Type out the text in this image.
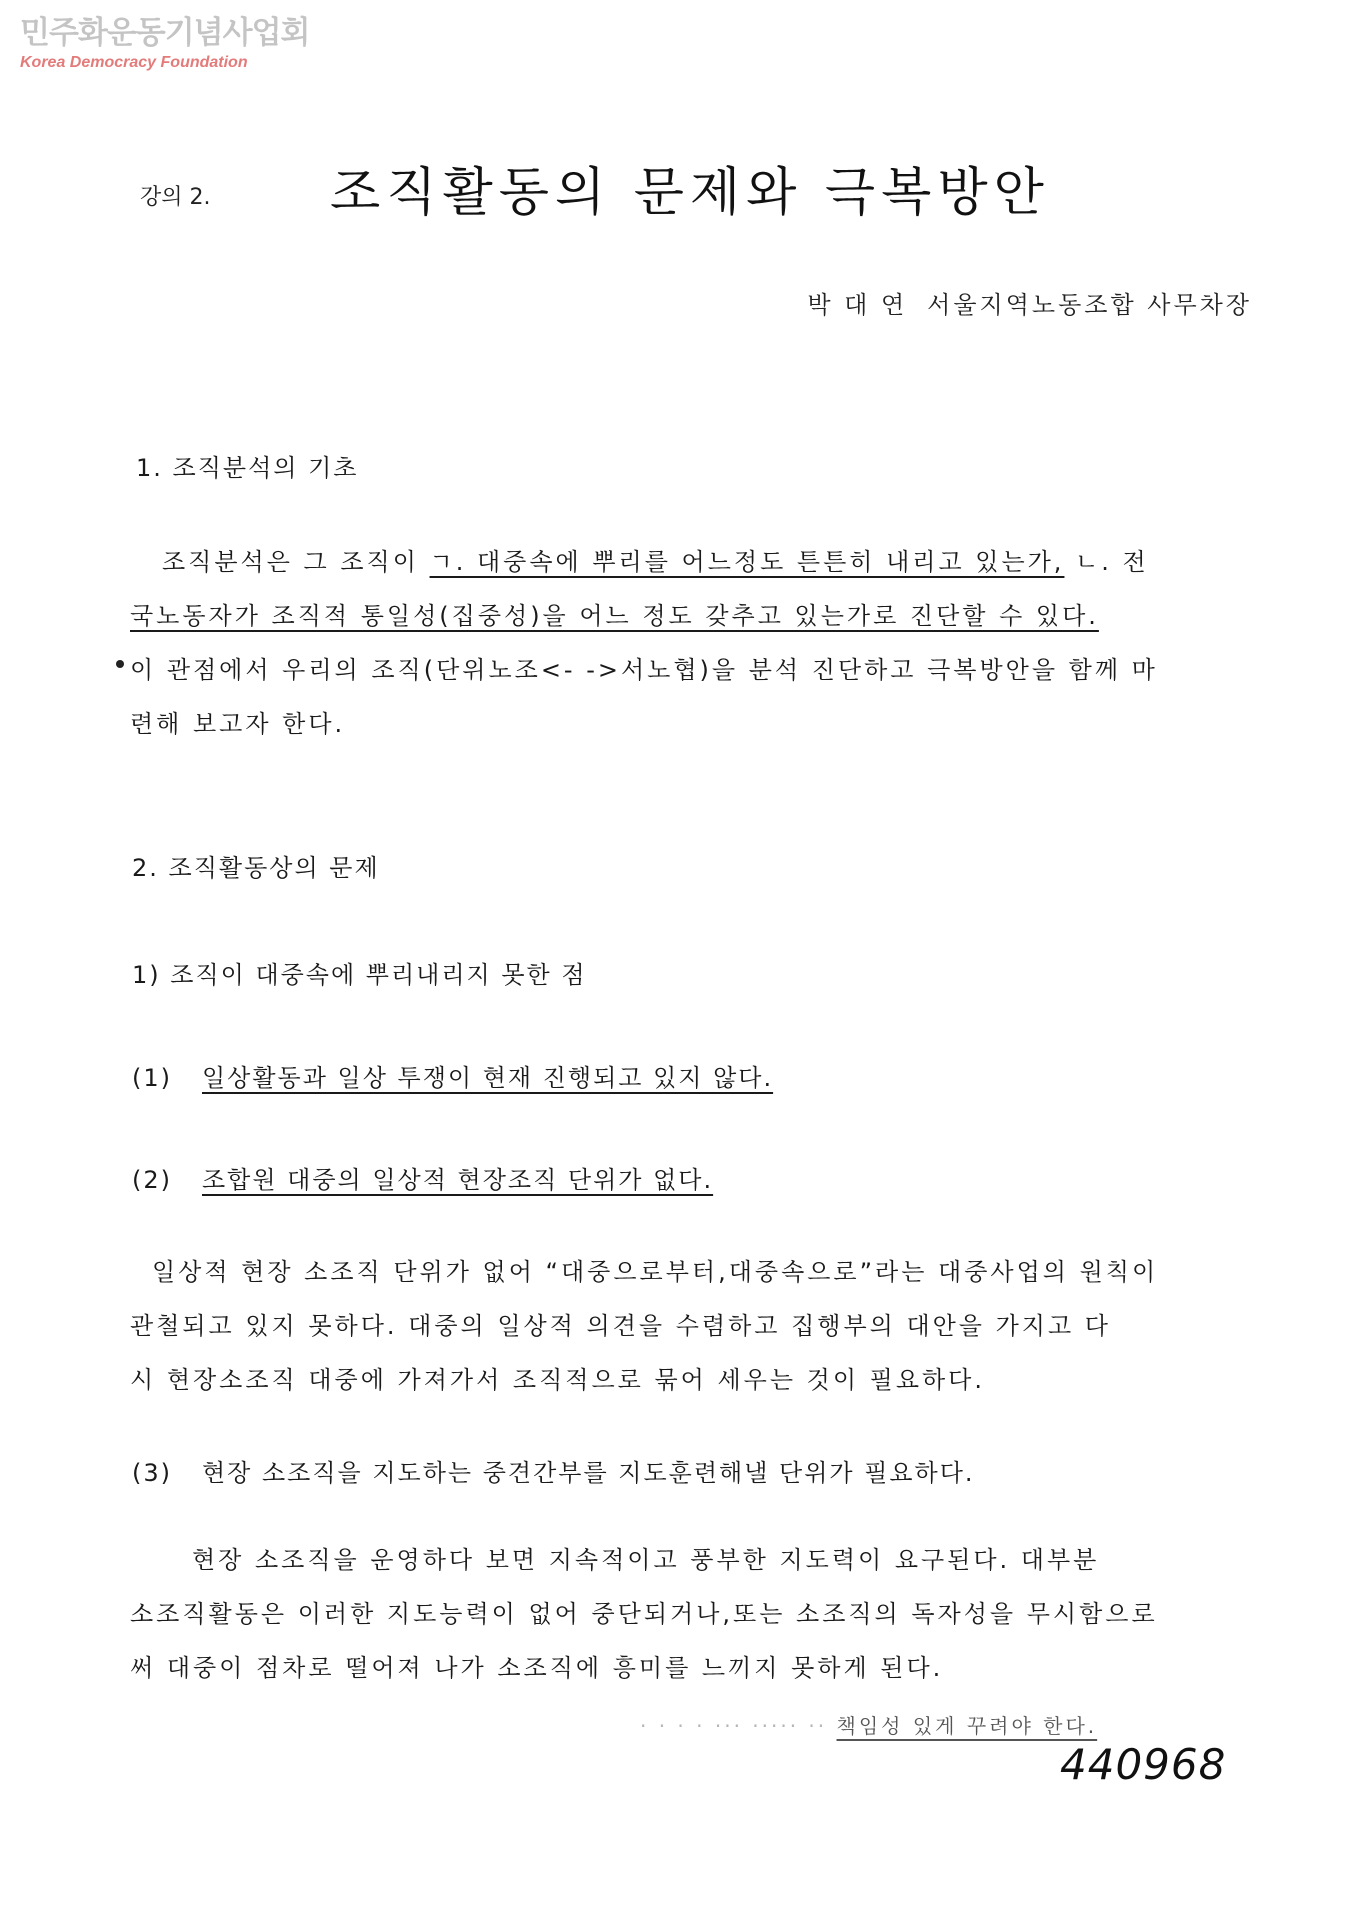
민주화운동기념사업회
Korea Democracy Foundation
강의 2. 조직활동의 문제와 극복방안
박 대 연 서울지역노동조합 사무차장
1. 조직분석의 기초
조직분석은 그 조직이 ㄱ. 대중속에 뿌리를 어느정도 튼튼히 내리고 있는가, ㄴ. 전
국노동자가 조직적 통일성(집중성)을 어느 정도 갖추고 있는가로 진단할 수 있다.
이 관점에서 우리의 조직(단위노조<- ->서노협)을 분석 진단하고 극복방안을 함께 마
련해 보고자 한다.
2. 조직활동상의 문제
1) 조직이 대중속에 뿌리내리지 못한 점
(1) 일상활동과 일상 투쟁이 현재 진행되고 있지 않다.
(2) 조합원 대중의 일상적 현장조직 단위가 없다.
일상적 현장 소조직 단위가 없어 “대중으로부터,대중속으로”라는 대중사업의 원칙이
관철되고 있지 못하다. 대중의 일상적 의견을 수렴하고 집행부의 대안을 가지고 다
시 현장소조직 대중에 가져가서 조직적으로 묶어 세우는 것이 필요하다.
(3) 현장 소조직을 지도하는 중견간부를 지도훈련해낼 단위가 필요하다.
현장 소조직을 운영하다 보면 지속적이고 풍부한 지도력이 요구된다. 대부분
소조직활동은 이러한 지도능력이 없어 중단되거나,또는 소조직의 독자성을 무시함으로
써 대중이 점차로 떨어져 나가 소조직에 흥미를 느끼지 못하게 된다.
· · · · ··· ····· ·· 책임성 있게 꾸려야 한다.
440968
